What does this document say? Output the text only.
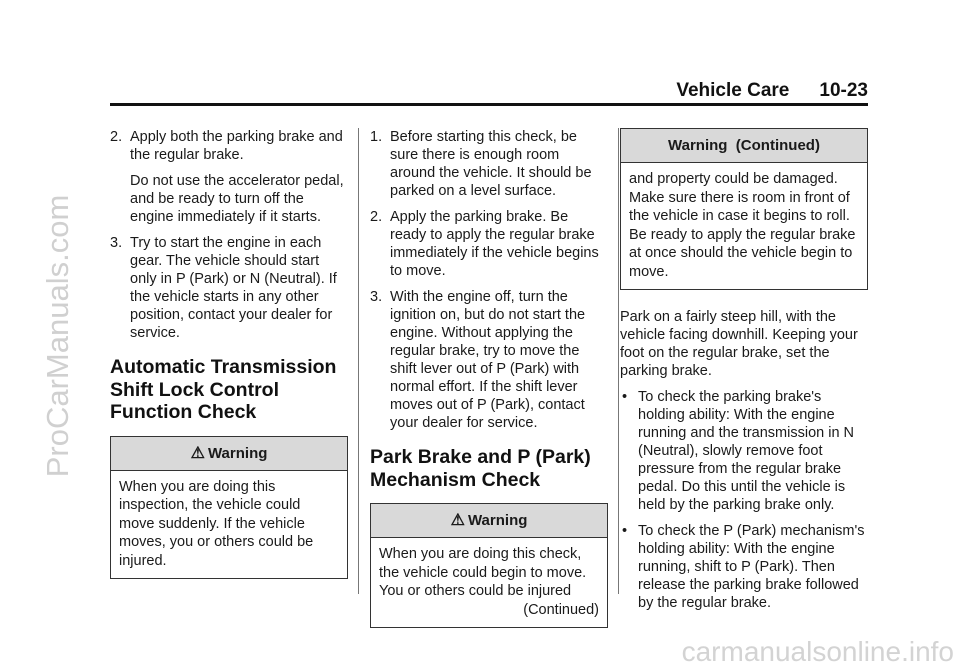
ProCarManuals.com
carmanualsonline.info
Vehicle Care 10-23

2. Apply both the parking brake and the regular brake.

Do not use the accelerator pedal, and be ready to turn off the engine immediately if it starts.

3. Try to start the engine in each gear. The vehicle should start only in P (Park) or N (Neutral). If the vehicle starts in any other position, contact your dealer for service.

Automatic Transmission Shift Lock Control Function Check
⚠ Warning
When you are doing this inspection, the vehicle could move suddenly. If the vehicle moves, you or others could be injured.

1. Before starting this check, be sure there is enough room around the vehicle. It should be parked on a level surface.

2. Apply the parking brake. Be ready to apply the regular brake immediately if the vehicle begins to move.

3. With the engine off, turn the ignition on, but do not start the engine. Without applying the regular brake, try to move the shift lever out of P (Park) with normal effort. If the shift lever moves out of P (Park), contact your dealer for service.

Park Brake and P (Park) Mechanism Check
⚠ Warning
When you are doing this check, the vehicle could begin to move. You or others could be injured
(Continued)
Warning  (Continued)
and property could be damaged. Make sure there is room in front of the vehicle in case it begins to roll. Be ready to apply the regular brake at once should the vehicle begin to move.

Park on a fairly steep hill, with the vehicle facing downhill. Keeping your foot on the regular brake, set the parking brake.

• To check the parking brake's holding ability: With the engine running and the transmission in N (Neutral), slowly remove foot pressure from the regular brake pedal. Do this until the vehicle is held by the parking brake only.

• To check the P (Park) mechanism's holding ability: With the engine running, shift to P (Park). Then release the parking brake followed by the regular brake.
